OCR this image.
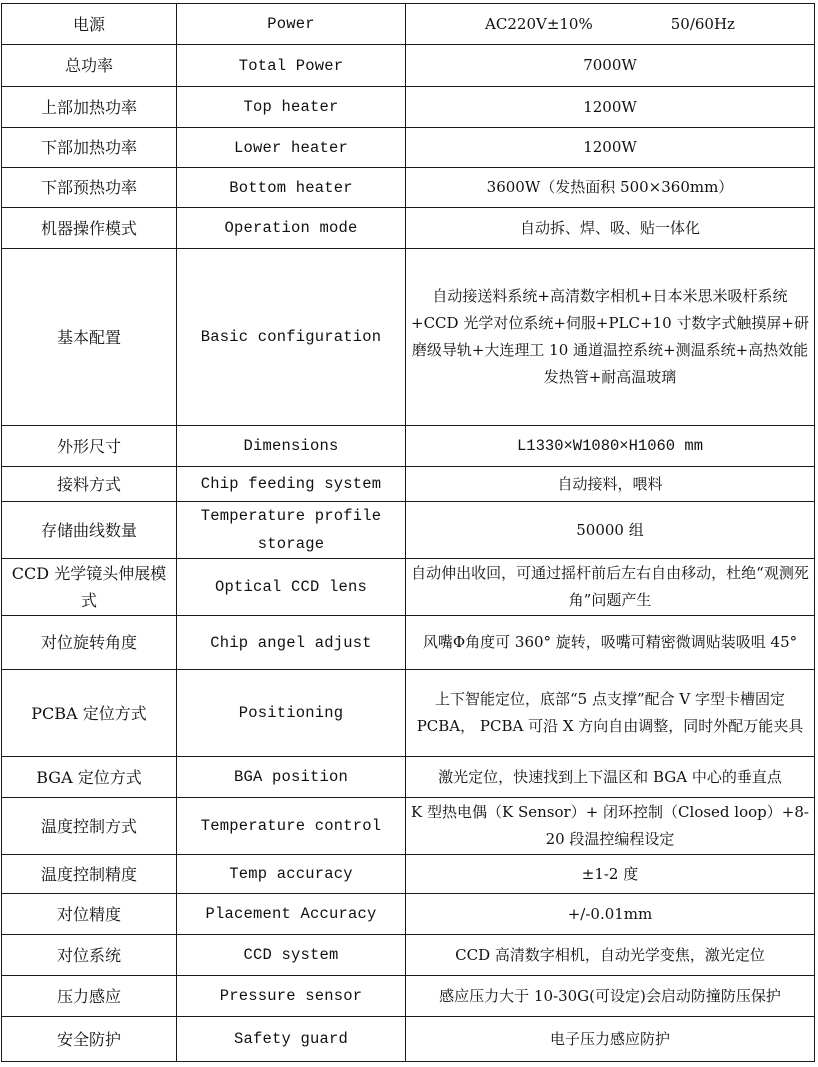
电源	Power	AC220V±10% 50/60Hz
总功率	Total Power	7000W
上部加热功率	Top heater	1200W
下部加热功率	Lower heater	1200W
下部预热功率	Bottom heater	3600W（发热面积 500×360mm）
机器操作模式	Operation mode	自动拆、焊、吸、贴一体化
基本配置	Basic configuration	自动接送料系统+高清数字相机+日本米思米吸杆系统+CCD 光学对位系统+伺服+PLC+10 寸数字式触摸屏+研磨级导轨+大连理工 10 通道温控系统+测温系统+高热效能发热管+耐高温玻璃
外形尺寸	Dimensions	L1330×W1080×H1060 mm
接料方式	Chip feeding system	自动接料，喂料
存储曲线数量	Temperature profile storage	50000 组
CCD 光学镜头伸展模式	Optical CCD lens	自动伸出收回，可通过摇杆前后左右自由移动，杜绝“观测死角”问题产生
对位旋转角度	Chip angel adjust	风嘴Φ角度可 360° 旋转，吸嘴可精密微调贴装吸咀 45°
PCBA 定位方式	Positioning	上下智能定位，底部“5 点支撑”配合 V 字型卡槽固定 PCBA， PCBA 可沿 X 方向自由调整，同时外配万能夹具
BGA 定位方式	BGA position	激光定位，快速找到上下温区和 BGA 中心的垂直点
温度控制方式	Temperature control	K 型热电偶（K Sensor）+ 闭环控制（Closed loop）+8-20 段温控编程设定
温度控制精度	Temp accuracy	±1-2 度
对位精度	Placement Accuracy	+/-0.01mm
对位系统	CCD system	CCD 高清数字相机，自动光学变焦，激光定位
压力感应	Pressure sensor	感应压力大于 10-30G(可设定)会启动防撞防压保护
安全防护	Safety guard	电子压力感应防护
